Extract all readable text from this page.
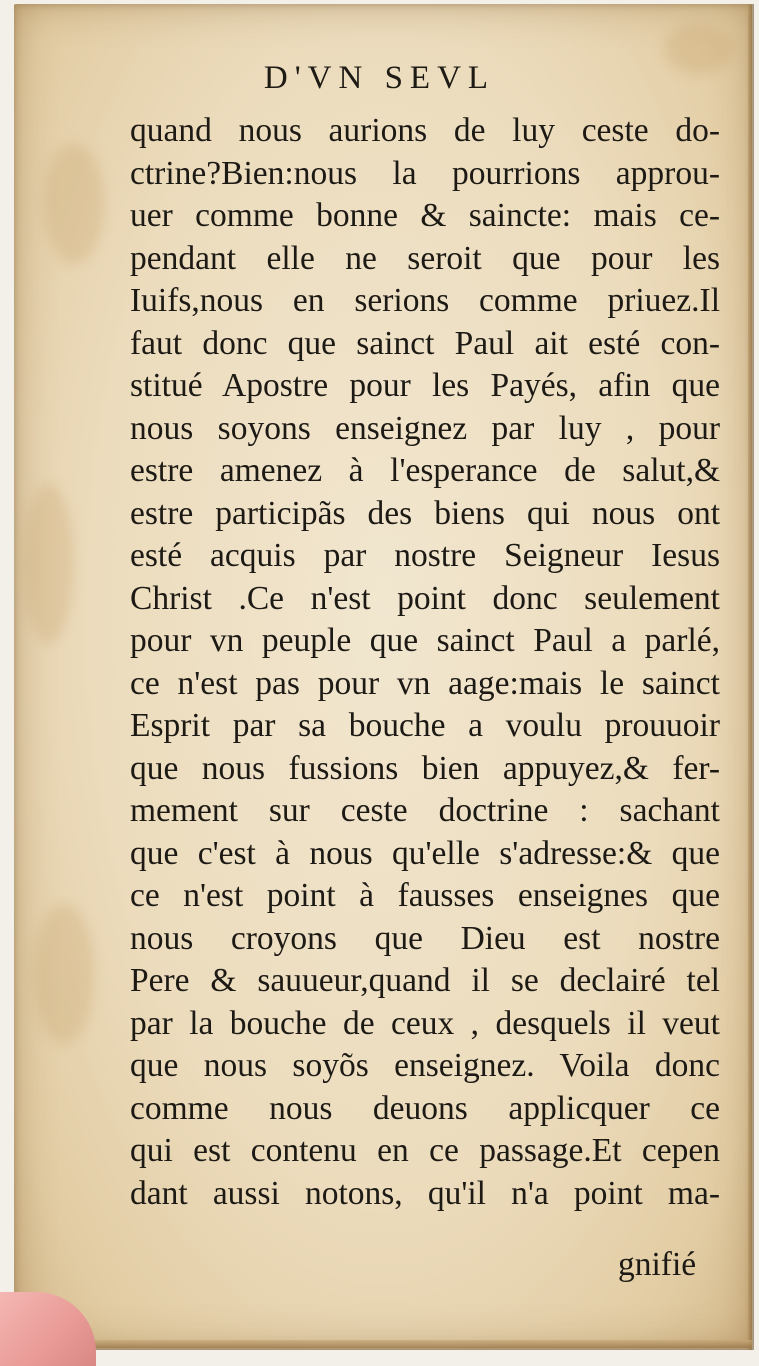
D'VN SEVL
quand nous aurions de luy ceste do-
ctrine?Bien:nous la pourrions approu-
uer comme bonne & saincte: mais ce-
pendant elle ne seroit que pour les
Iuifs,nous en serions comme priuez.Il
faut donc que sainct Paul ait esté con-
stitué Apostre pour les Payés, afin que
nous soyons enseignez par luy , pour
estre amenez à l'esperance de salut,&
estre participãs des biens qui nous ont
esté acquis par nostre Seigneur Iesus
Christ .Ce n'est point donc seulement
pour vn peuple que sainct Paul a parlé,
ce n'est pas pour vn aage:mais le sainct
Esprit par sa bouche a voulu prouuoir
que nous fussions bien appuyez,& fer-
mement sur ceste doctrine : sachant
que c'est à nous qu'elle s'adresse:& que
ce n'est point à fausses enseignes que
nous croyons que Dieu est nostre
Pere & sauueur,quand il se declairé tel
par la bouche de ceux , desquels il veut
que nous soyõs enseignez. Voila donc
comme nous deuons applicquer ce
qui est contenu en ce passage.Et cepen
dant aussi notons, qu'il n'a point ma-
gnifié
